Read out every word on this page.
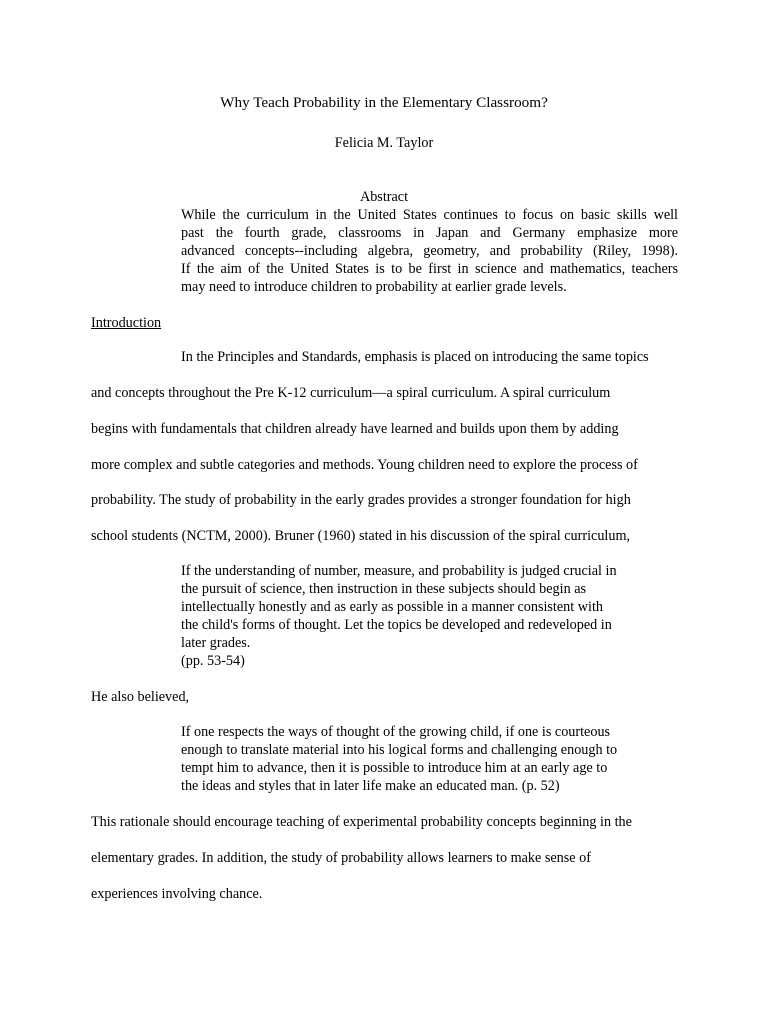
Why Teach Probability in the Elementary Classroom?
Felicia M. Taylor
Abstract
While the curriculum in the United States continues to focus on basic skills well
past the fourth grade, classrooms in Japan and Germany emphasize more
advanced concepts--including algebra, geometry, and probability (Riley, 1998).
If the aim of the United States is to be first in science and mathematics, teachers
may need to introduce children to probability at earlier grade levels.
Introduction
In the Principles and Standards, emphasis is placed on introducing the same topics
and concepts throughout the Pre K-12 curriculum—a spiral curriculum. A spiral curriculum
begins with fundamentals that children already have learned and builds upon them by adding
more complex and subtle categories and methods. Young children need to explore the process of
probability. The study of probability in the early grades provides a stronger foundation for high
school students (NCTM, 2000). Bruner (1960) stated in his discussion of the spiral curriculum,
If the understanding of number, measure, and probability is judged crucial in
the pursuit of science, then instruction in these subjects should begin as
intellectually honestly and as early as possible in a manner consistent with
the child's forms of thought. Let the topics be developed and redeveloped in
later grades.
(pp. 53-54)
He also believed,
If one respects the ways of thought of the growing child, if one is courteous
enough to translate material into his logical forms and challenging enough to
tempt him to advance, then it is possible to introduce him at an early age to
the ideas and styles that in later life make an educated man. (p. 52)
This rationale should encourage teaching of experimental probability concepts beginning in the
elementary grades. In addition, the study of probability allows learners to make sense of
experiences involving chance.
